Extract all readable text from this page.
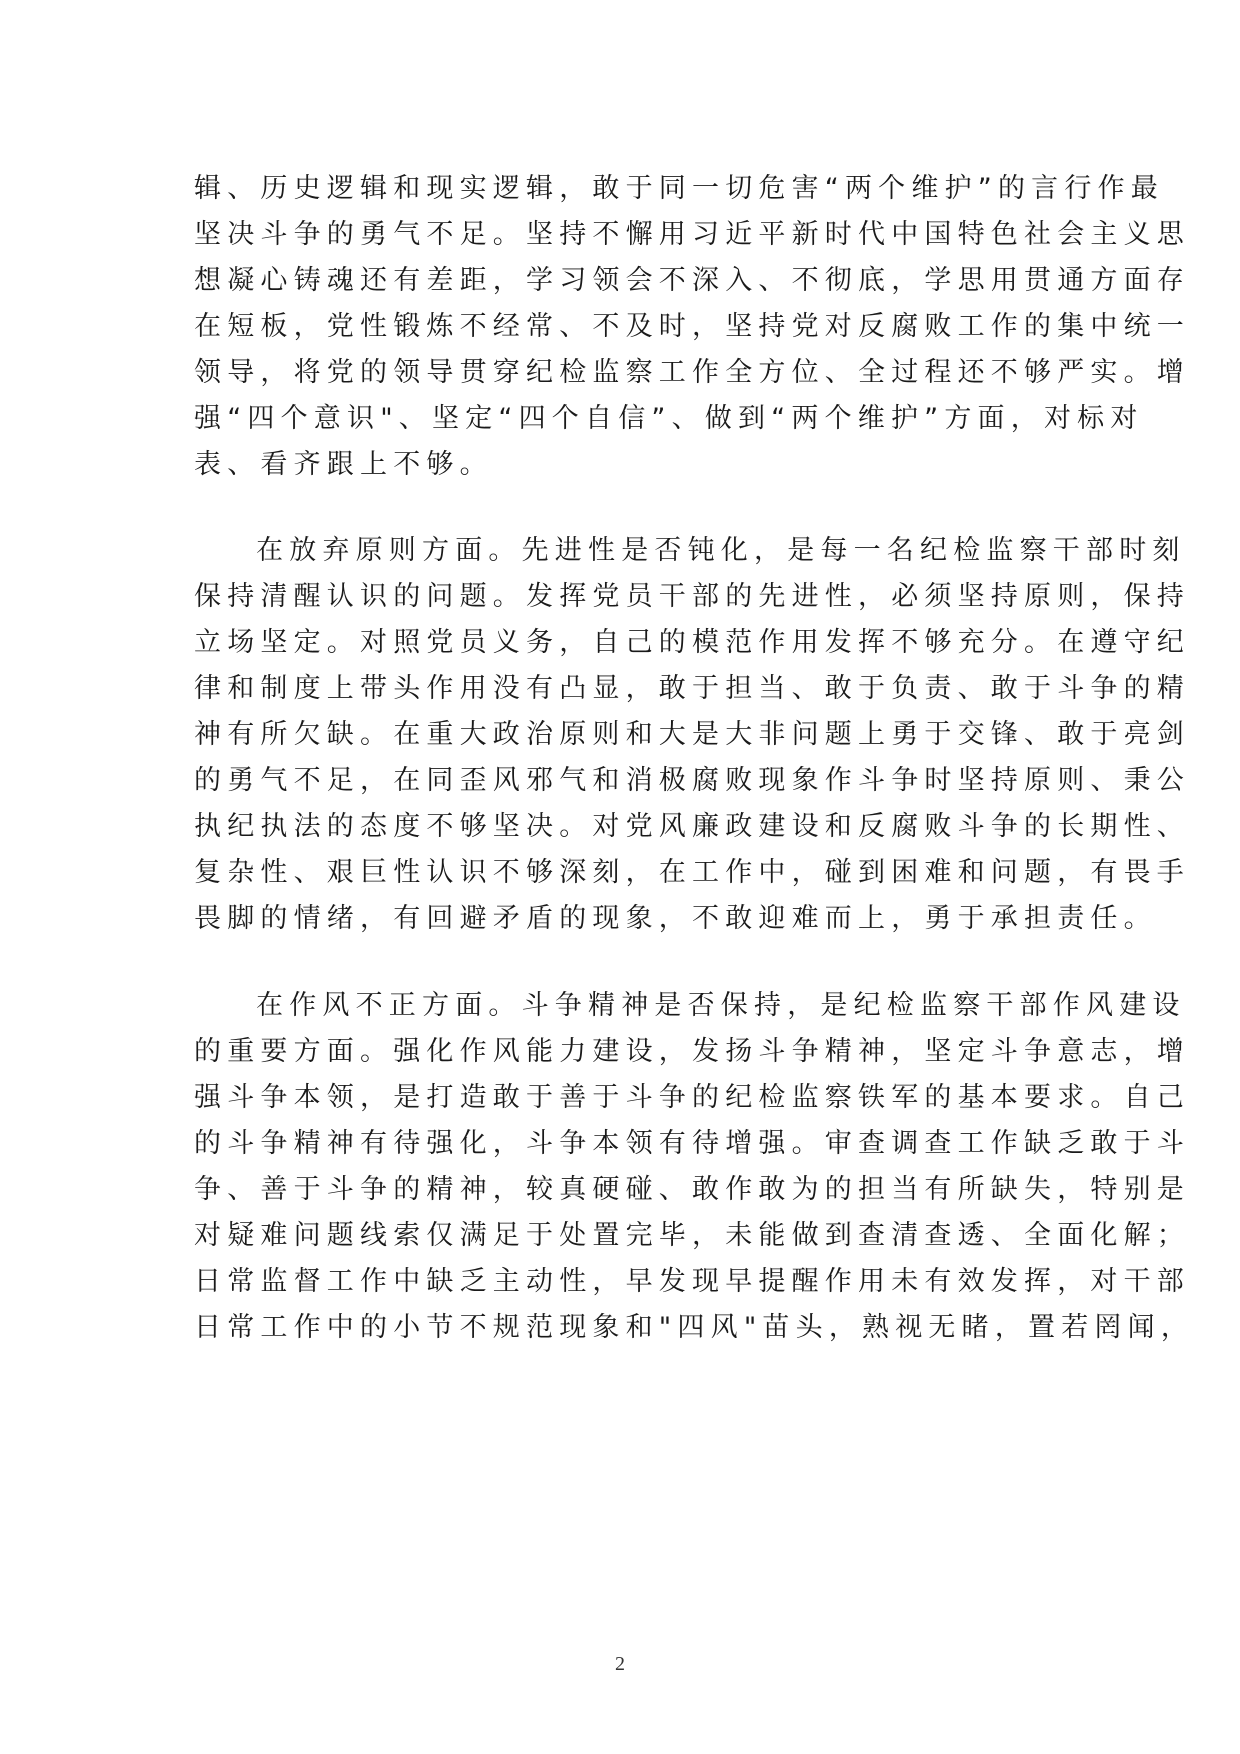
辑、历史逻辑和现实逻辑，敢于同一切危害“两个维护”的言行作最
坚决斗争的勇气不足。坚持不懈用习近平新时代中国特色社会主义思
想凝心铸魂还有差距，学习领会不深入、不彻底，学思用贯通方面存
在短板，党性锻炼不经常、不及时，坚持党对反腐败工作的集中统一
领导，将党的领导贯穿纪检监察工作全方位、全过程还不够严实。增
强“四个意识"、坚定“四个自信”、做到“两个维护”方面，对标对
表、看齐跟上不够。
在放弃原则方面。先进性是否钝化，是每一名纪检监察干部时刻
保持清醒认识的问题。发挥党员干部的先进性，必须坚持原则，保持
立场坚定。对照党员义务，自己的模范作用发挥不够充分。在遵守纪
律和制度上带头作用没有凸显，敢于担当、敢于负责、敢于斗争的精
神有所欠缺。在重大政治原则和大是大非问题上勇于交锋、敢于亮剑
的勇气不足，在同歪风邪气和消极腐败现象作斗争时坚持原则、秉公
执纪执法的态度不够坚决。对党风廉政建设和反腐败斗争的长期性、
复杂性、艰巨性认识不够深刻，在工作中，碰到困难和问题，有畏手
畏脚的情绪，有回避矛盾的现象，不敢迎难而上，勇于承担责任。
在作风不正方面。斗争精神是否保持，是纪检监察干部作风建设
的重要方面。强化作风能力建设，发扬斗争精神，坚定斗争意志，增
强斗争本领，是打造敢于善于斗争的纪检监察铁军的基本要求。自己
的斗争精神有待强化，斗争本领有待增强。审查调查工作缺乏敢于斗
争、善于斗争的精神，较真硬碰、敢作敢为的担当有所缺失，特别是
对疑难问题线索仅满足于处置完毕，未能做到查清查透、全面化解；
日常监督工作中缺乏主动性，早发现早提醒作用未有效发挥，对干部
日常工作中的小节不规范现象和"四风"苗头，熟视无睹，置若罔闻，
2
